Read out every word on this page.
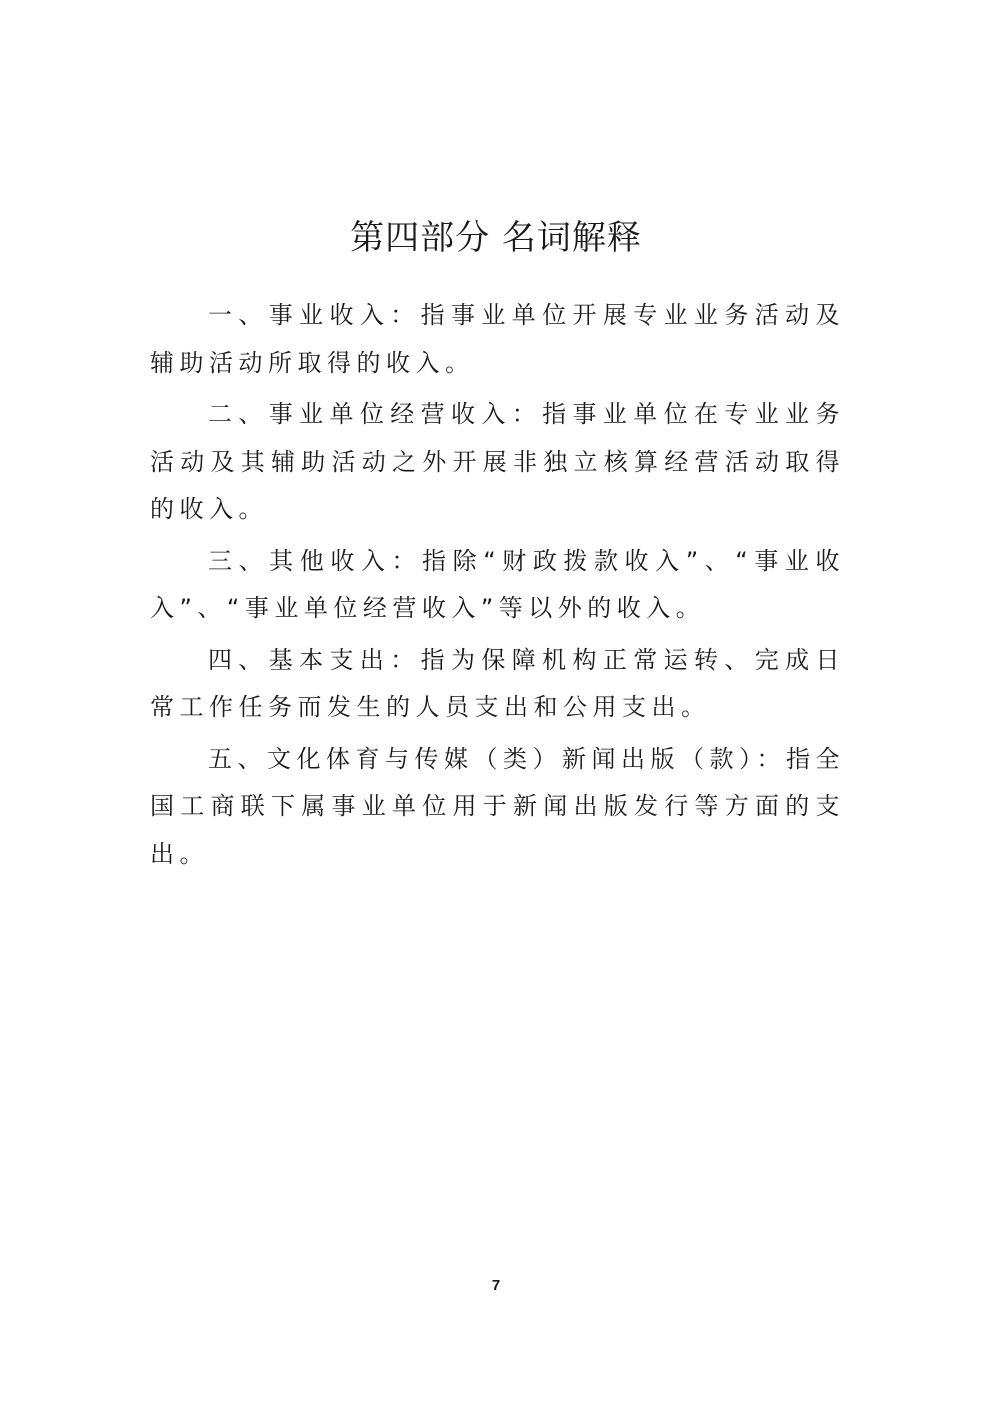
第四部分 名词解释

一、事业收入：指事业单位开展专业业务活动及辅助活动所取得的收入。

二、事业单位经营收入：指事业单位在专业业务活动及其辅助活动之外开展非独立核算经营活动取得的收入。

三、其他收入：指除“财政拨款收入”、“事业收入”、“事业单位经营收入”等以外的收入。

四、基本支出：指为保障机构正常运转、完成日常工作任务而发生的人员支出和公用支出。

五、文化体育与传媒（类）新闻出版（款）：指全国工商联下属事业单位用于新闻出版发行等方面的支出。

7
